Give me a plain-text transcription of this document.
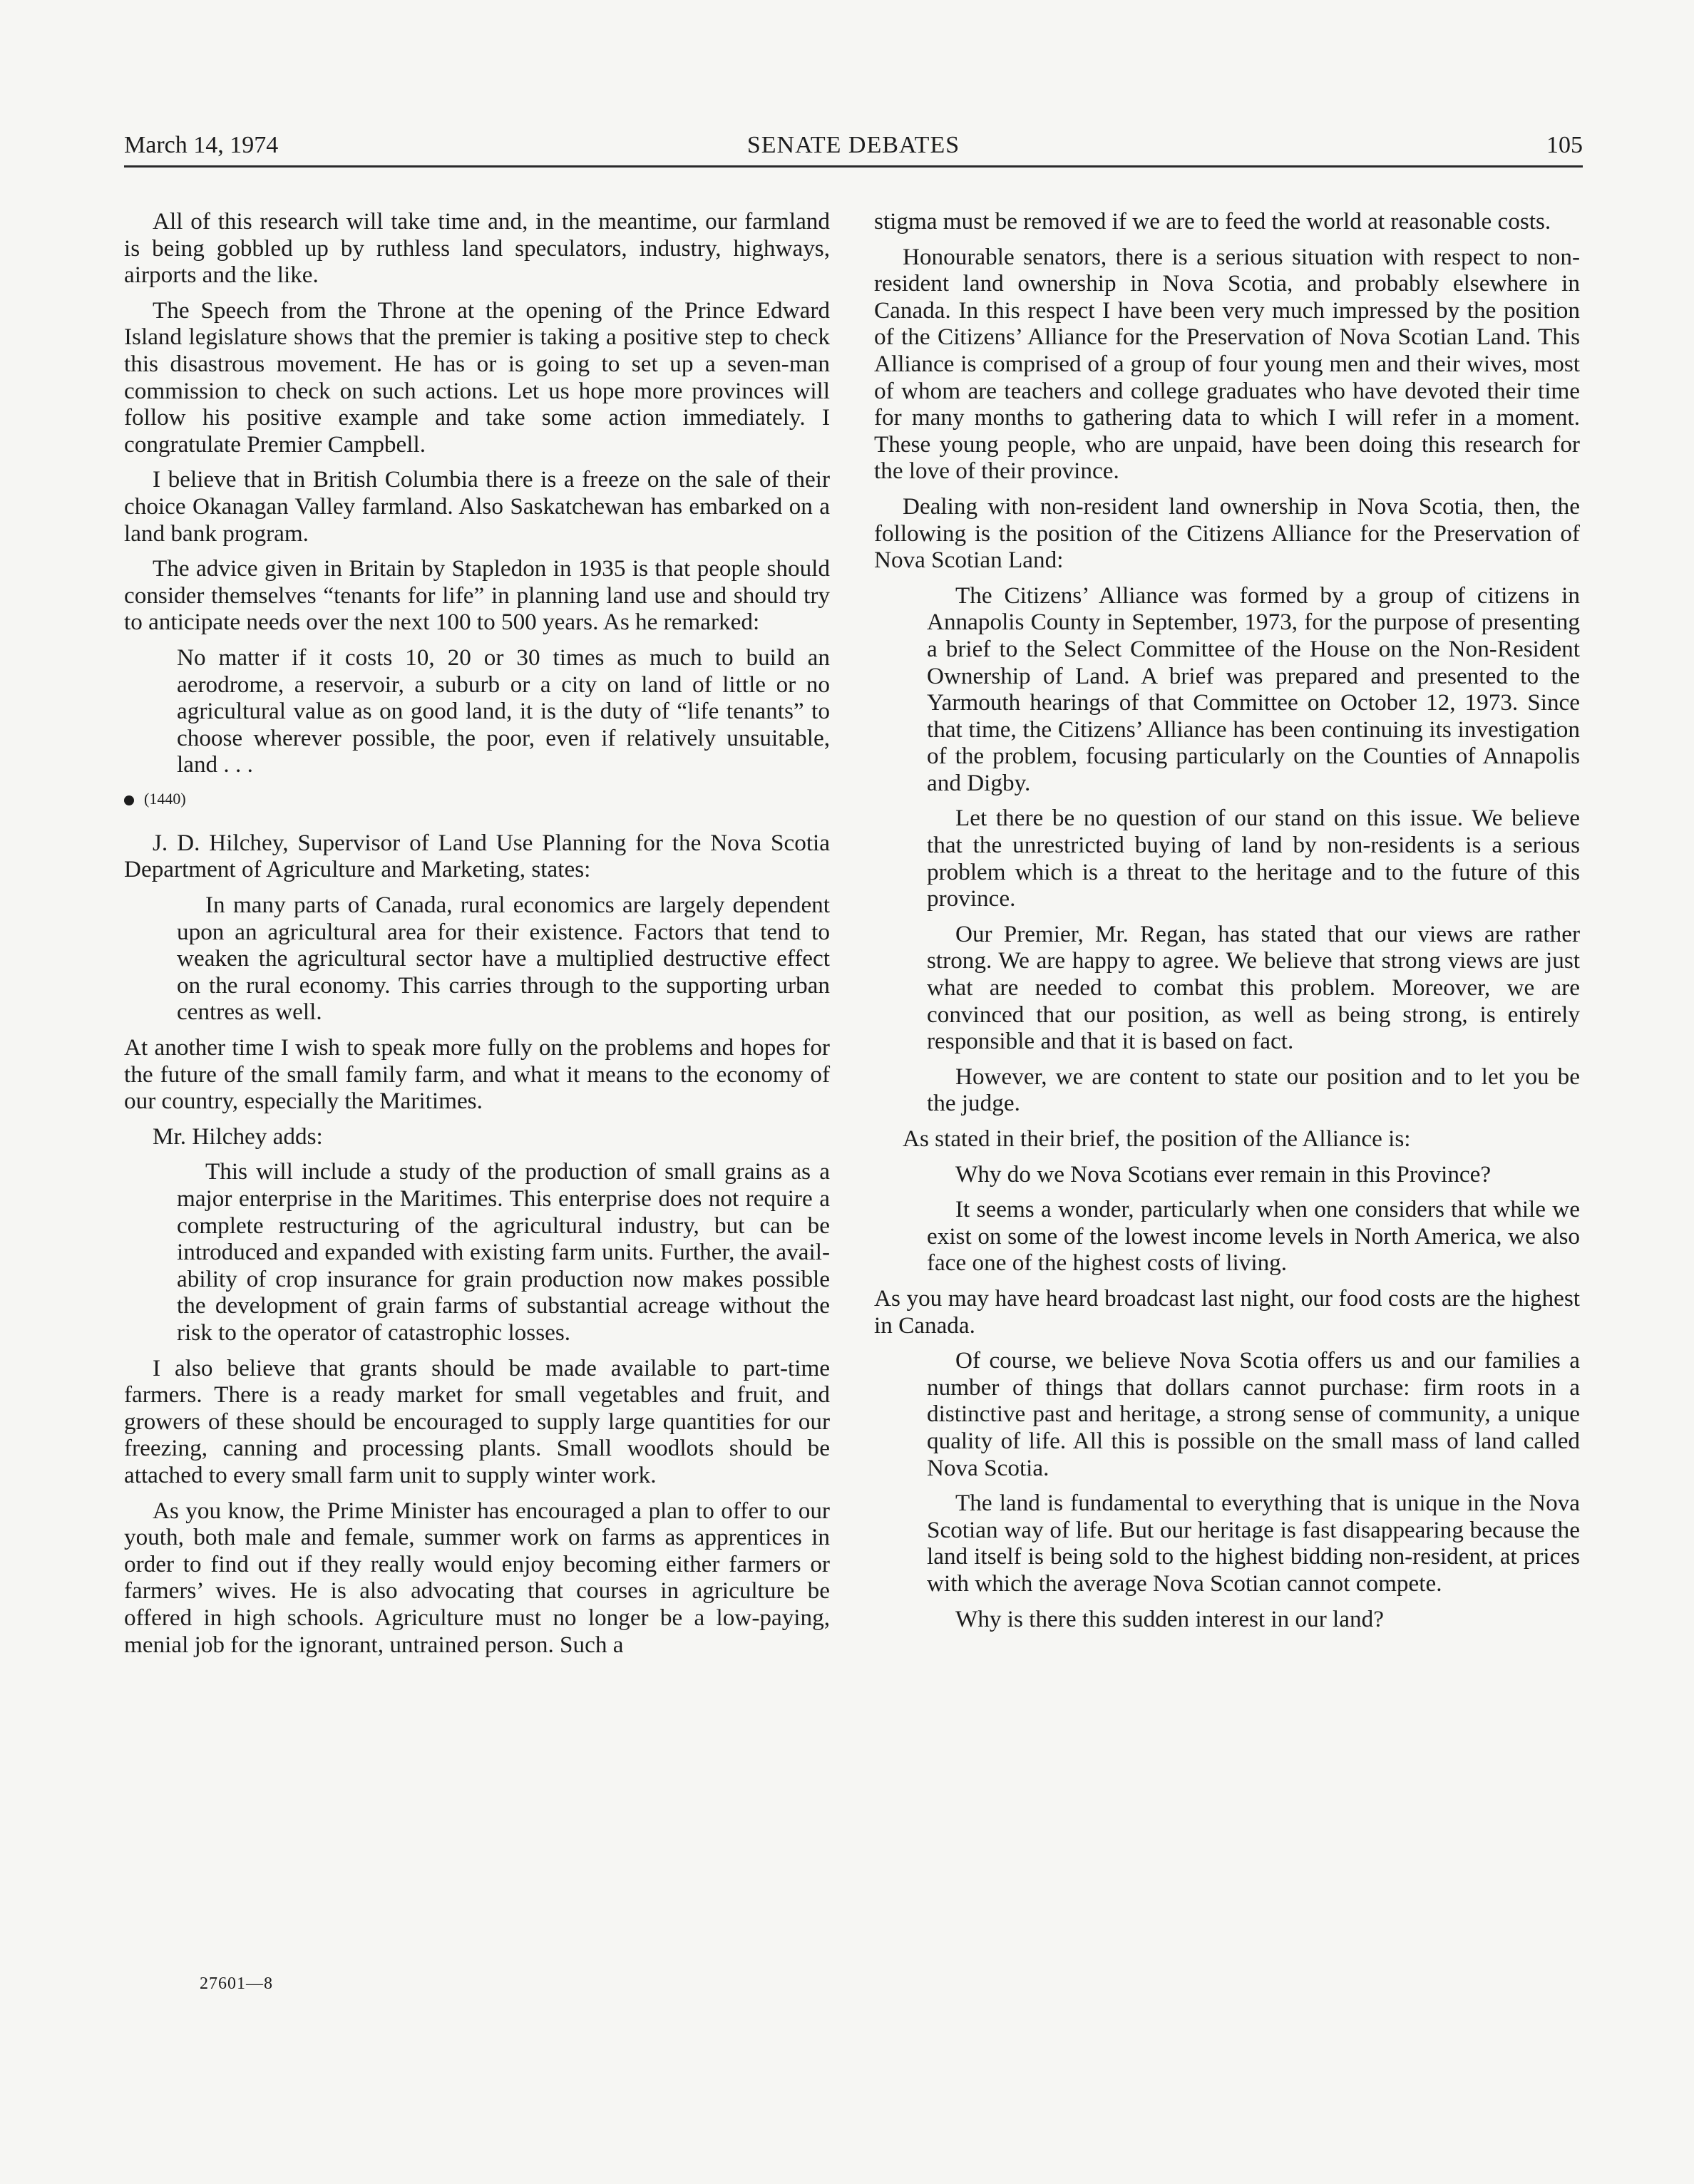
March 14, 1974	SENATE DEBATES	105

All of this research will take time and, in the meantime, our farmland is being gobbled up by ruthless land speculators, industry, highways, airports and the like.

The Speech from the Throne at the opening of the Prince Edward Island legislature shows that the premier is taking a positive step to check this disastrous movement. He has or is going to set up a seven-man commission to check on such actions. Let us hope more provinces will follow his positive example and take some action immediately. I congratulate Premier Campbell.

I believe that in British Columbia there is a freeze on the sale of their choice Okanagan Valley farmland. Also Saskatchewan has embarked on a land bank program.

The advice given in Britain by Stapledon in 1935 is that people should consider themselves “tenants for life” in planning land use and should try to anticipate needs over the next 100 to 500 years. As he remarked:

No matter if it costs 10, 20 or 30 times as much to build an aerodrome, a reservoir, a suburb or a city on land of little or no agricultural value as on good land, it is the duty of “life tenants” to choose wherever possible, the poor, even if relatively unsuitable, land . . .

(1440)

J. D. Hilchey, Supervisor of Land Use Planning for the Nova Scotia Department of Agriculture and Marketing, states:

In many parts of Canada, rural economics are largely dependent upon an agricultural area for their existence. Factors that tend to weaken the agricultural sector have a multiplied destructive effect on the rural economy. This carries through to the supporting urban centres as well.

At another time I wish to speak more fully on the problems and hopes for the future of the small family farm, and what it means to the economy of our country, especially the Maritimes.

Mr. Hilchey adds:

This will include a study of the production of small grains as a major enterprise in the Maritimes. This enterprise does not require a complete restructuring of the agricultural industry, but can be introduced and expanded with existing farm units. Further, the availability of crop insurance for grain production now makes possible the development of grain farms of substantial acreage without the risk to the operator of catastrophic losses.

I also believe that grants should be made available to part-time farmers. There is a ready market for small vegetables and fruit, and growers of these should be encouraged to supply large quantities for our freezing, canning and processing plants. Small woodlots should be attached to every small farm unit to supply winter work.

As you know, the Prime Minister has encouraged a plan to offer to our youth, both male and female, summer work on farms as apprentices in order to find out if they really would enjoy becoming either farmers or farmers’ wives. He is also advocating that courses in agriculture be offered in high schools. Agriculture must no longer be a low-paying, menial job for the ignorant, untrained person. Such a

stigma must be removed if we are to feed the world at reasonable costs.

Honourable senators, there is a serious situation with respect to non-resident land ownership in Nova Scotia, and probably elsewhere in Canada. In this respect I have been very much impressed by the position of the Citizens’ Alliance for the Preservation of Nova Scotian Land. This Alliance is comprised of a group of four young men and their wives, most of whom are teachers and college graduates who have devoted their time for many months to gathering data to which I will refer in a moment. These young people, who are unpaid, have been doing this research for the love of their province.

Dealing with non-resident land ownership in Nova Scotia, then, the following is the position of the Citizens Alliance for the Preservation of Nova Scotian Land:

The Citizens’ Alliance was formed by a group of citizens in Annapolis County in September, 1973, for the purpose of presenting a brief to the Select Committee of the House on the Non-Resident Ownership of Land. A brief was prepared and presented to the Yarmouth hearings of that Committee on October 12, 1973. Since that time, the Citizens’ Alliance has been continuing its investigation of the problem, focusing particularly on the Counties of Annapolis and Digby.

Let there be no question of our stand on this issue. We believe that the unrestricted buying of land by non-residents is a serious problem which is a threat to the heritage and to the future of this province.

Our Premier, Mr. Regan, has stated that our views are rather strong. We are happy to agree. We believe that strong views are just what are needed to combat this problem. Moreover, we are convinced that our position, as well as being strong, is entirely responsible and that it is based on fact.

However, we are content to state our position and to let you be the judge.

As stated in their brief, the position of the Alliance is:

Why do we Nova Scotians ever remain in this Province?

It seems a wonder, particularly when one considers that while we exist on some of the lowest income levels in North America, we also face one of the highest costs of living.

As you may have heard broadcast last night, our food costs are the highest in Canada.

Of course, we believe Nova Scotia offers us and our families a number of things that dollars cannot purchase: firm roots in a distinctive past and heritage, a strong sense of community, a unique quality of life. All this is possible on the small mass of land called Nova Scotia.

The land is fundamental to everything that is unique in the Nova Scotian way of life. But our heritage is fast disappearing because the land itself is being sold to the highest bidding non-resident, at prices with which the average Nova Scotian cannot compete.

Why is there this sudden interest in our land?

27601—8
